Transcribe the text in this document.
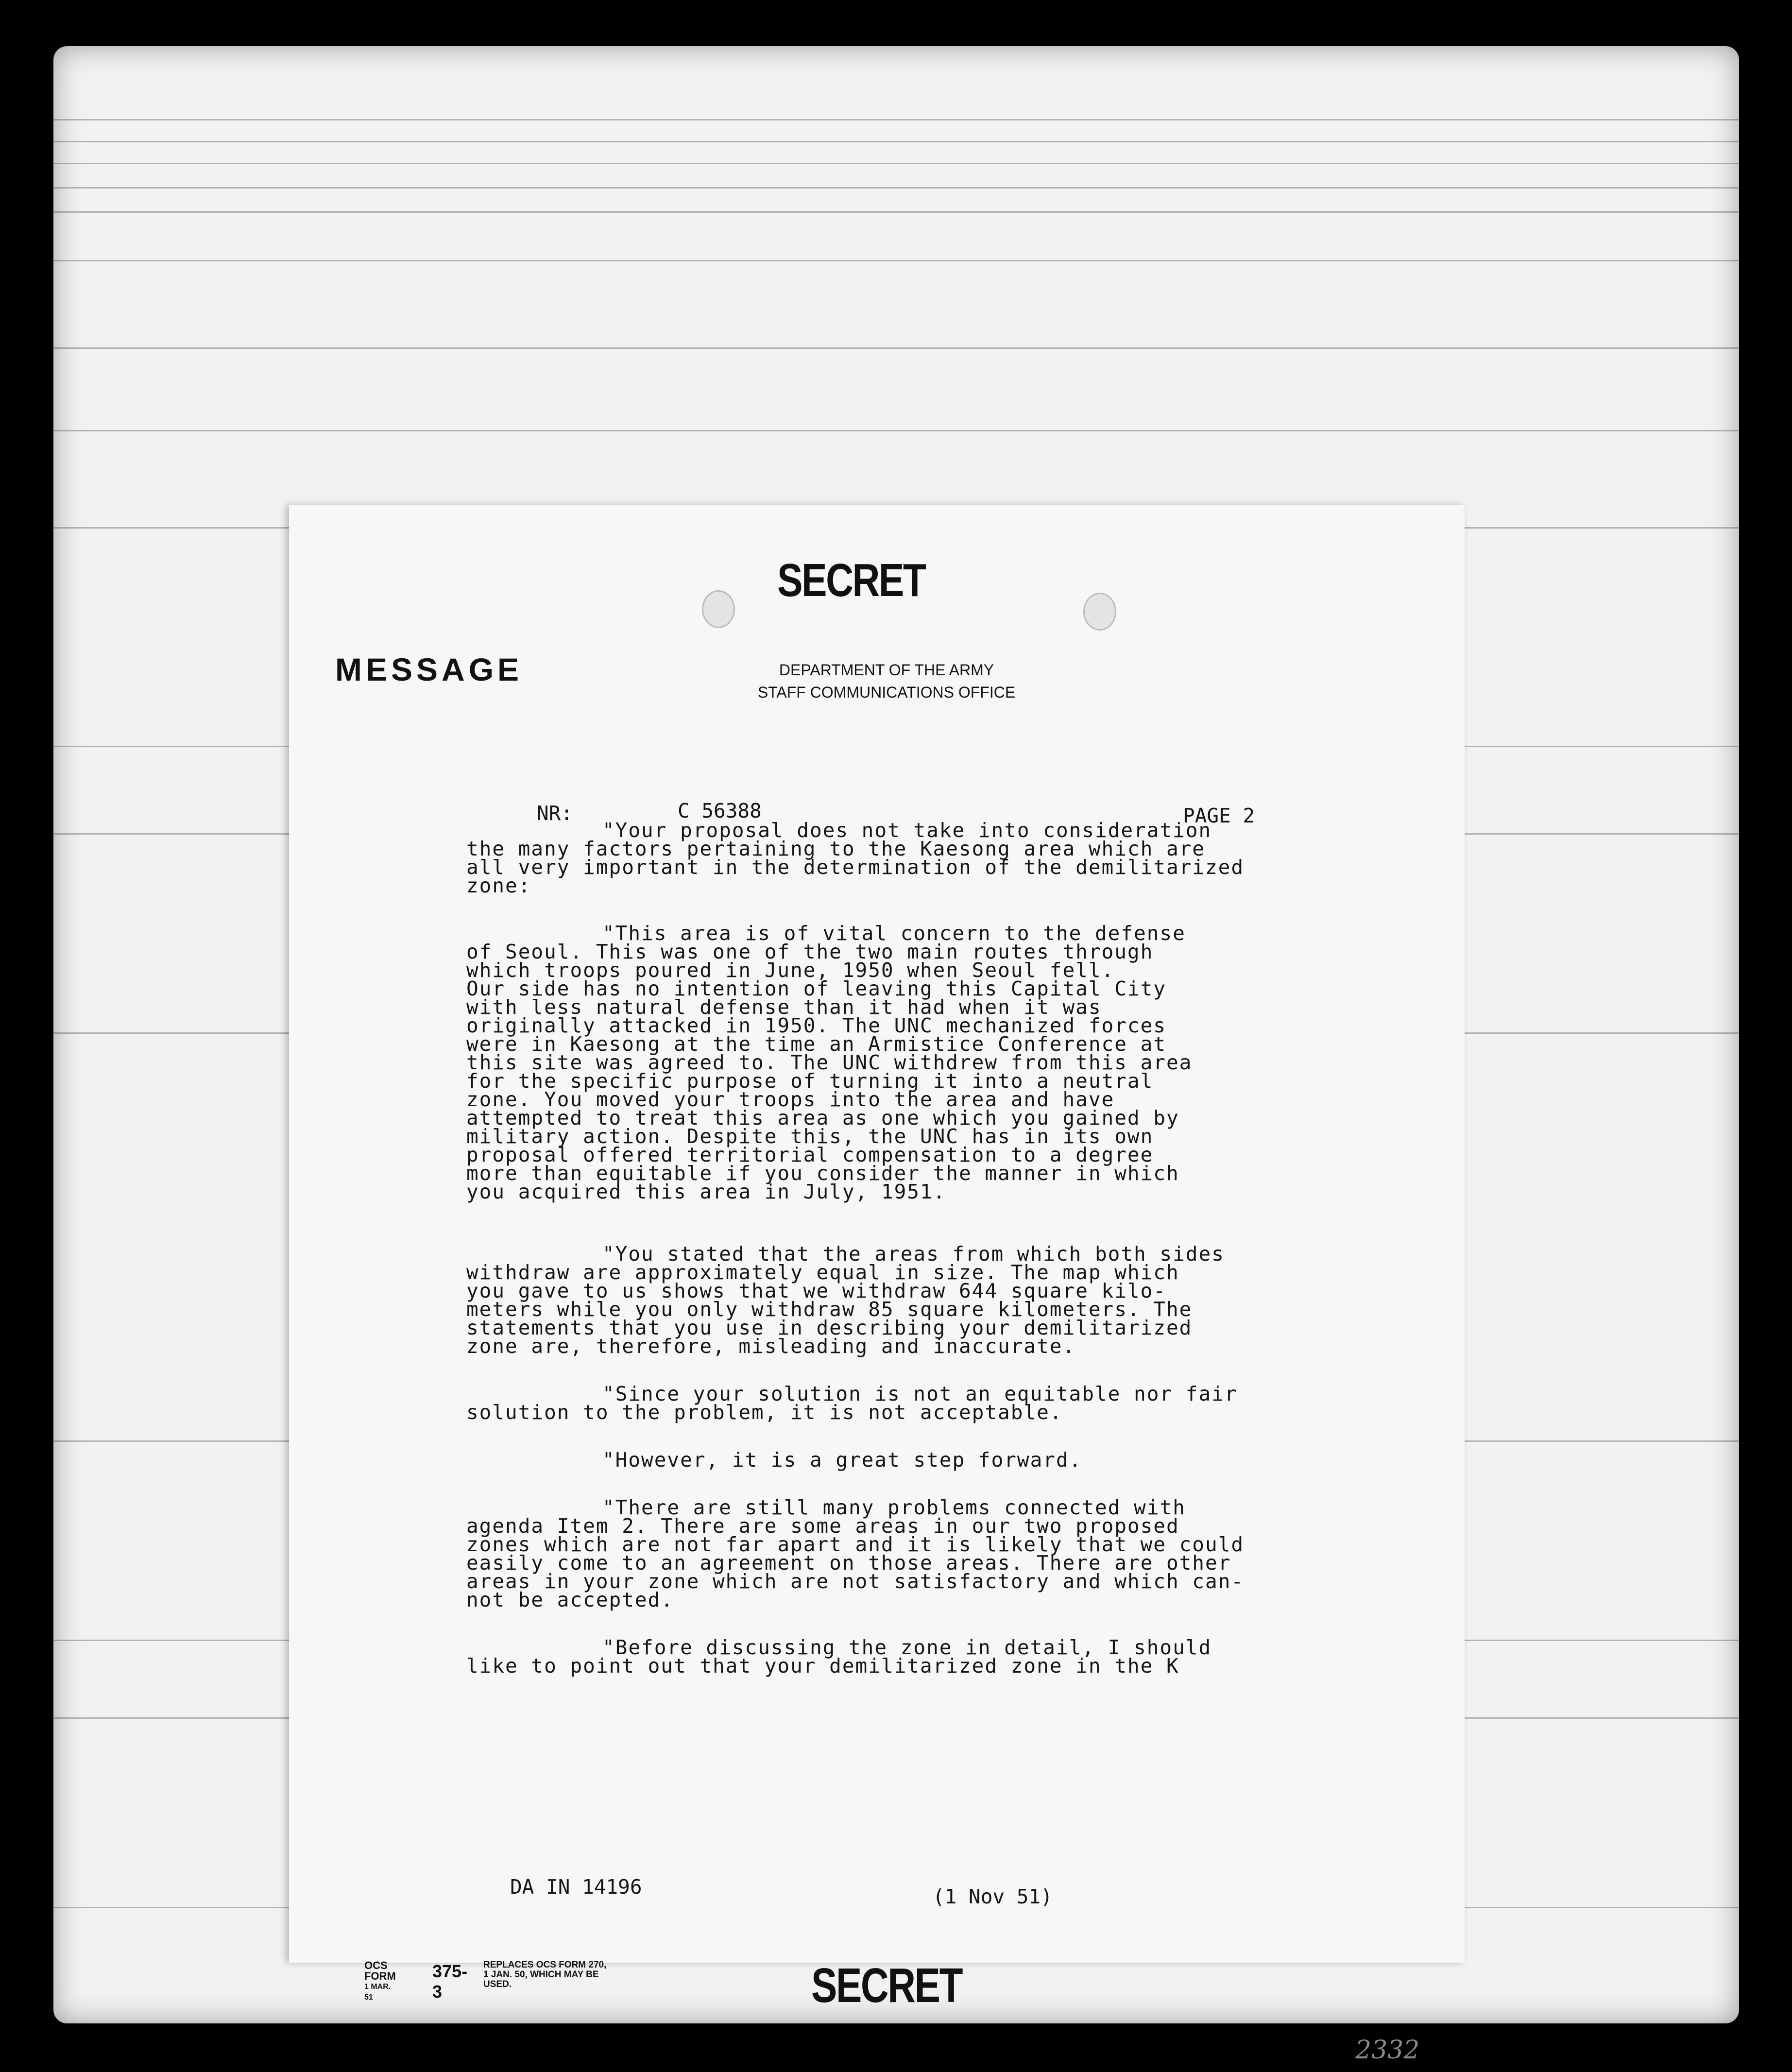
SECRET
MESSAGE	DEPARTMENT OF THE ARMY
STAFF COMMUNICATIONS OFFICE
NR:	C 56388	PAGE 2
"Your proposal does not take into consideration
the many factors pertaining to the Kaesong area which are
all very important in the determination of the demilitarized
zone:
"This area is of vital concern to the defense
of Seoul. This was one of the two main routes through
which troops poured in June, 1950 when Seoul fell.
Our side has no intention of leaving this Capital City
with less natural defense than it had when it was
originally attacked in 1950. The UNC mechanized forces
were in Kaesong at the time an Armistice Conference at
this site was agreed to. The UNC withdrew from this area
for the specific purpose of turning it into a neutral
zone. You moved your troops into the area and have
attempted to treat this area as one which you gained by
military action. Despite this, the UNC has in its own
proposal offered territorial compensation to a degree
more than equitable if you consider the manner in which
you acquired this area in July, 1951.
"You stated that the areas from which both sides
withdraw are approximately equal in size. The map which
you gave to us shows that we withdraw 644 square kilo-
meters while you only withdraw 85 square kilometers. The
statements that you use in describing your demilitarized
zone are, therefore, misleading and inaccurate.
"Since your solution is not an equitable nor fair
solution to the problem, it is not acceptable.
"However, it is a great step forward.
"There are still many problems connected with
agenda Item 2. There are some areas in our two proposed
zones which are not far apart and it is likely that we could
easily come to an agreement on those areas. There are other
areas in your zone which are not satisfactory and which can-
not be accepted.
"Before discussing the zone in detail, I should
like to point out that your demilitarized zone in the K
DA IN 14196	(1 Nov 51)
OCS FORM
1 MAR. 51
375-3
REPLACES OCS FORM 270, 1 JAN. 50, WHICH MAY BE USED.	SECRET
2332
